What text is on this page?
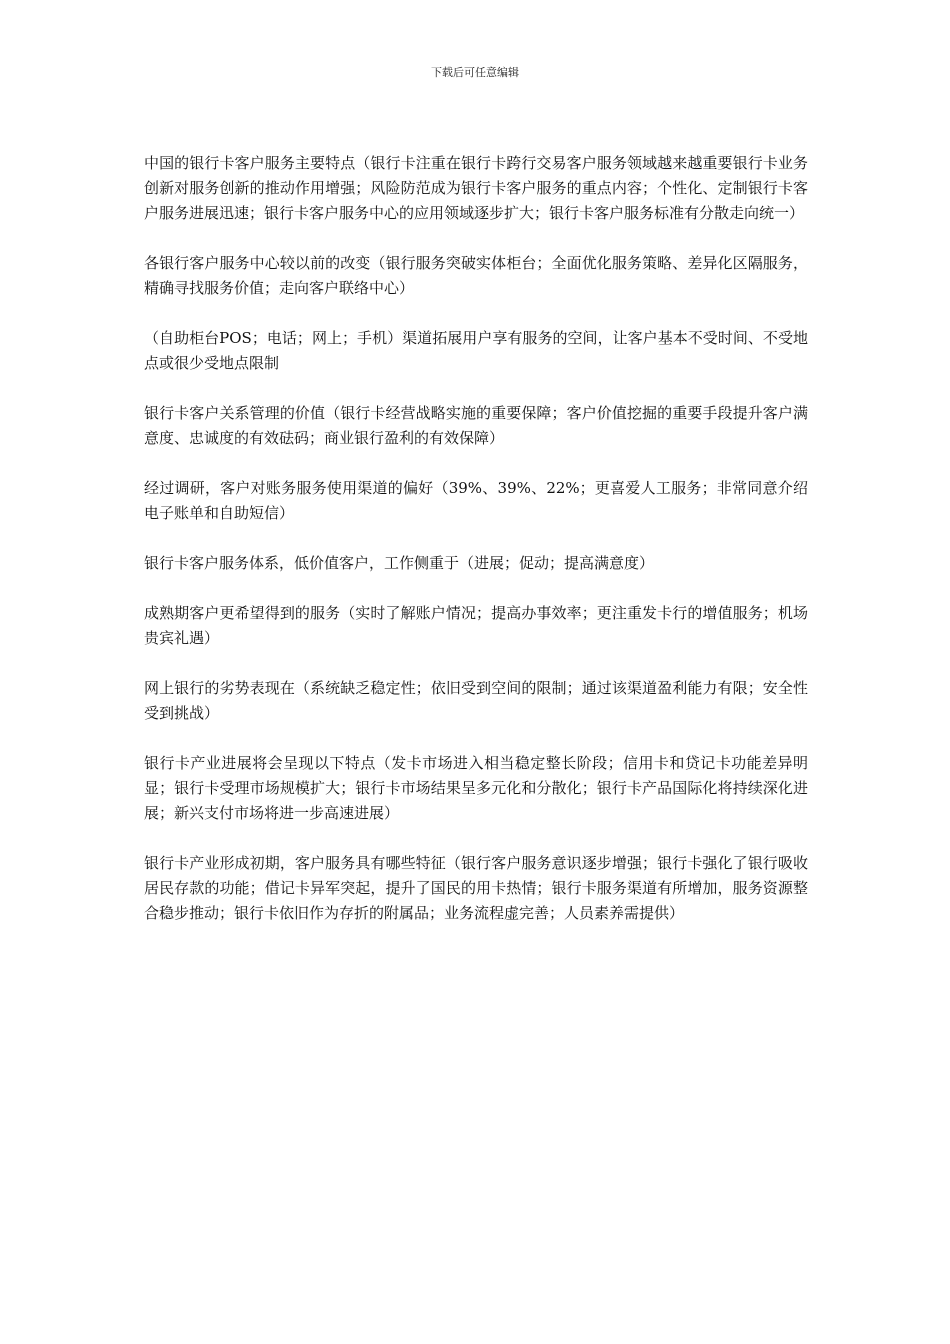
下载后可任意编辑

中国的银行卡客户服务主要特点（银行卡注重在银行卡跨行交易客户服务领域越来越重要银行卡业务创新对服务创新的推动作用增强；风险防范成为银行卡客户服务的重点内容；个性化、定制银行卡客户服务进展迅速；银行卡客户服务中心的应用领域逐步扩大；银行卡客户服务标准有分散走向统一）

各银行客户服务中心较以前的改变（银行服务突破实体柜台；全面优化服务策略、差异化区隔服务，精确寻找服务价值；走向客户联络中心）

（自助柜台POS；电话；网上；手机）渠道拓展用户享有服务的空间，让客户基本不受时间、不受地点或很少受地点限制

银行卡客户关系管理的价值（银行卡经营战略实施的重要保障；客户价值挖掘的重要手段提升客户满意度、忠诚度的有效砝码；商业银行盈利的有效保障）

经过调研，客户对账务服务使用渠道的偏好（39%、39%、22%；更喜爱人工服务；非常同意介绍电子账单和自助短信）

银行卡客户服务体系，低价值客户，工作侧重于（进展；促动；提高满意度）

成熟期客户更希望得到的服务（实时了解账户情况；提高办事效率；更注重发卡行的增值服务；机场贵宾礼遇）

网上银行的劣势表现在（系统缺乏稳定性；依旧受到空间的限制；通过该渠道盈利能力有限；安全性受到挑战）

银行卡产业进展将会呈现以下特点（发卡市场进入相当稳定整长阶段；信用卡和贷记卡功能差异明显；银行卡受理市场规模扩大；银行卡市场结果呈多元化和分散化；银行卡产品国际化将持续深化进展；新兴支付市场将进一步高速进展）

银行卡产业形成初期，客户服务具有哪些特征（银行客户服务意识逐步增强；银行卡强化了银行吸收居民存款的功能；借记卡异军突起，提升了国民的用卡热情；银行卡服务渠道有所增加，服务资源整合稳步推动；银行卡依旧作为存折的附属品；业务流程虚完善；人员素养需提供）
